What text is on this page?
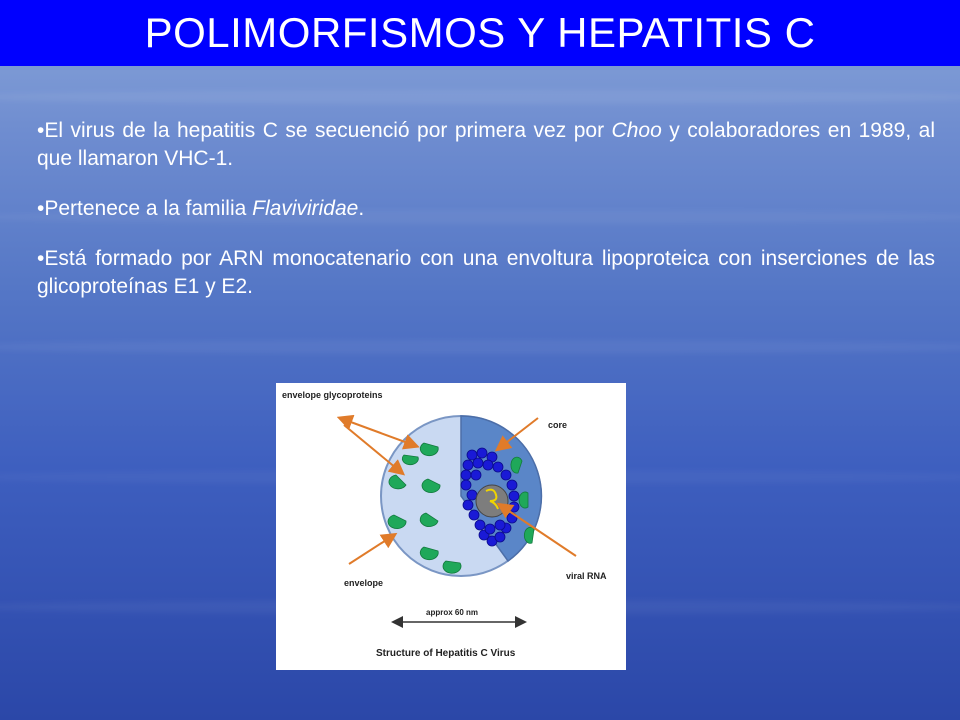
POLIMORFISMOS Y HEPATITIS C
•El virus de la hepatitis C se secuenció por primera vez por Choo y colaboradores en 1989, al que llamaron VHC-1.
•Pertenece a la familia Flaviviridae.
•Está formado por ARN monocatenario con una envoltura lipoproteica con inserciones de las glicoproteínas E1 y E2.
envelope glycoproteins
core
envelope
viral RNA
approx 60 nm
Structure of Hepatitis C Virus
